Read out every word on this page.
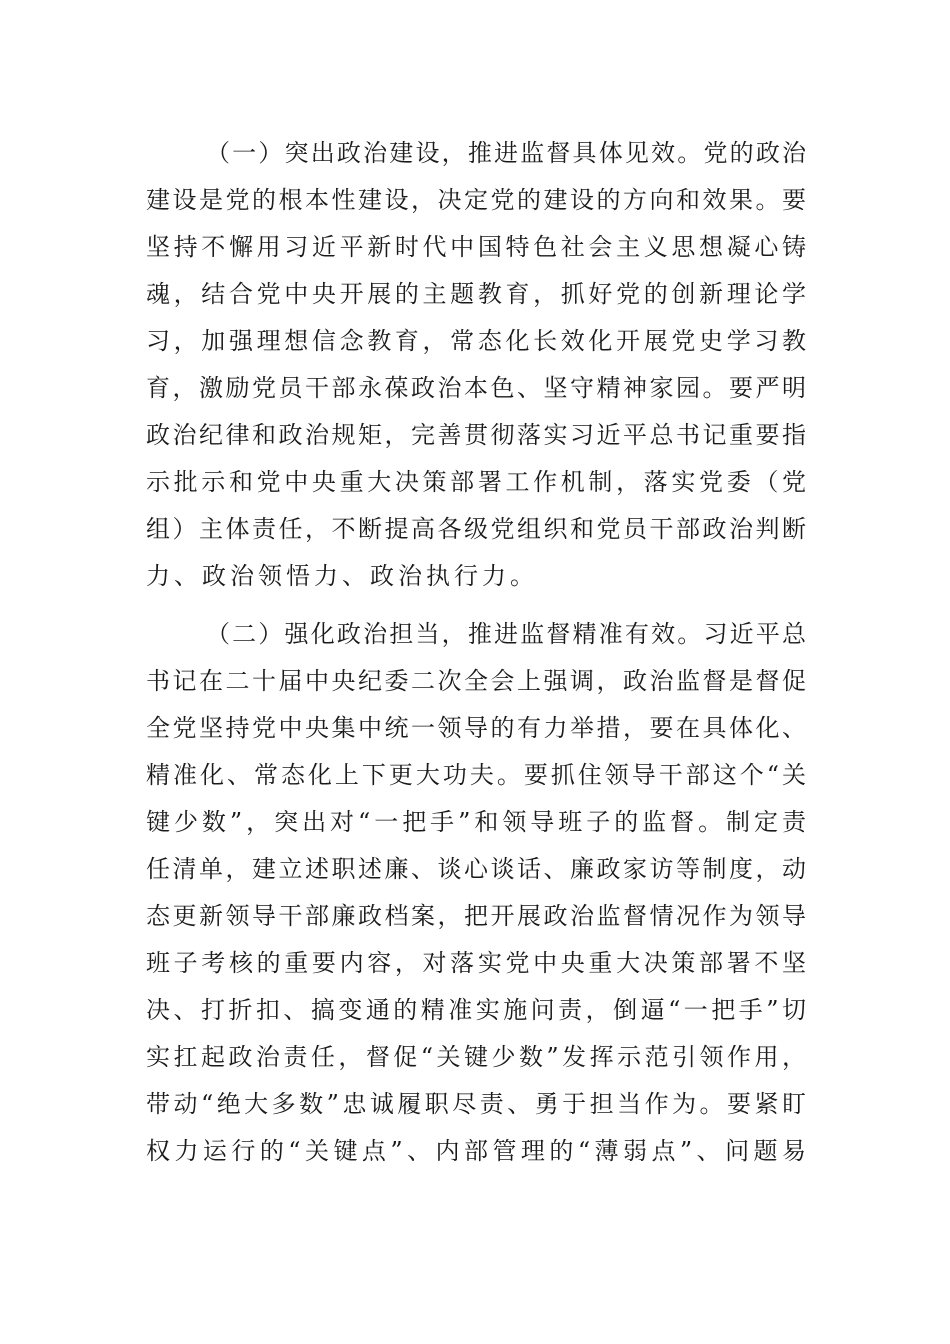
（一）突出政治建设，推进监督具体见效。党的政治
建设是党的根本性建设，决定党的建设的方向和效果。要
坚持不懈用习近平新时代中国特色社会主义思想凝心铸
魂，结合党中央开展的主题教育，抓好党的创新理论学
习，加强理想信念教育，常态化长效化开展党史学习教
育，激励党员干部永葆政治本色、坚守精神家园。要严明
政治纪律和政治规矩，完善贯彻落实习近平总书记重要指
示批示和党中央重大决策部署工作机制，落实党委（党
组）主体责任，不断提高各级党组织和党员干部政治判断
力、政治领悟力、政治执行力。
（二）强化政治担当，推进监督精准有效。习近平总
书记在二十届中央纪委二次全会上强调，政治监督是督促
全党坚持党中央集中统一领导的有力举措，要在具体化、
精准化、常态化上下更大功夫。要抓住领导干部这个“关
键少数”，突出对“一把手”和领导班子的监督。制定责
任清单，建立述职述廉、谈心谈话、廉政家访等制度，动
态更新领导干部廉政档案，把开展政治监督情况作为领导
班子考核的重要内容，对落实党中央重大决策部署不坚
决、打折扣、搞变通的精准实施问责，倒逼“一把手”切
实扛起政治责任，督促“关键少数”发挥示范引领作用，
带动“绝大多数”忠诚履职尽责、勇于担当作为。要紧盯
权力运行的“关键点”、内部管理的“薄弱点”、问题易
